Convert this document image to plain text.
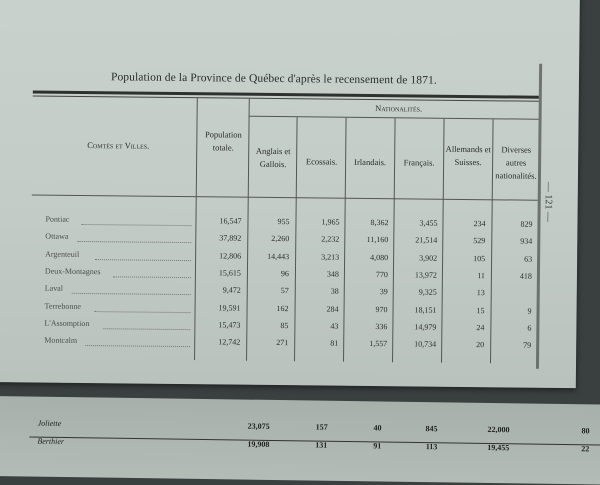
Population de la Province de Québec d'après le recensement de 1871.
Comtés et Villes.
Population totale.
Nationalités.
Anglais et Gallois.	Ecossais.	Irlandais.	Français.
Allemands et Suisses.
Diverses autres nationalités.
Pontiac	16,547	955	1,965	8,362	3,455	234	829
Ottawa	37,892	2,260	2,232	11,160	21,514	529	934
Argenteuil	12,806	14,443	3,213	4,080	3,902	105	63
Deux-Montagnes	15,615	96	348	770	13,972	11	418
Laval	9,472	57	38	39	9,325	13
Terrebonne	19,591	162	284	970	18,151	15	9
L'Assomption	15,473	85	43	336	14,979	24	6
Montcalm	12,742	271	81	1,557	10,734	20	79
— 121 —
Joliette	23,075	157	40	845	22,000	80
Berthier	19,908	131	91	113	19,455	22
